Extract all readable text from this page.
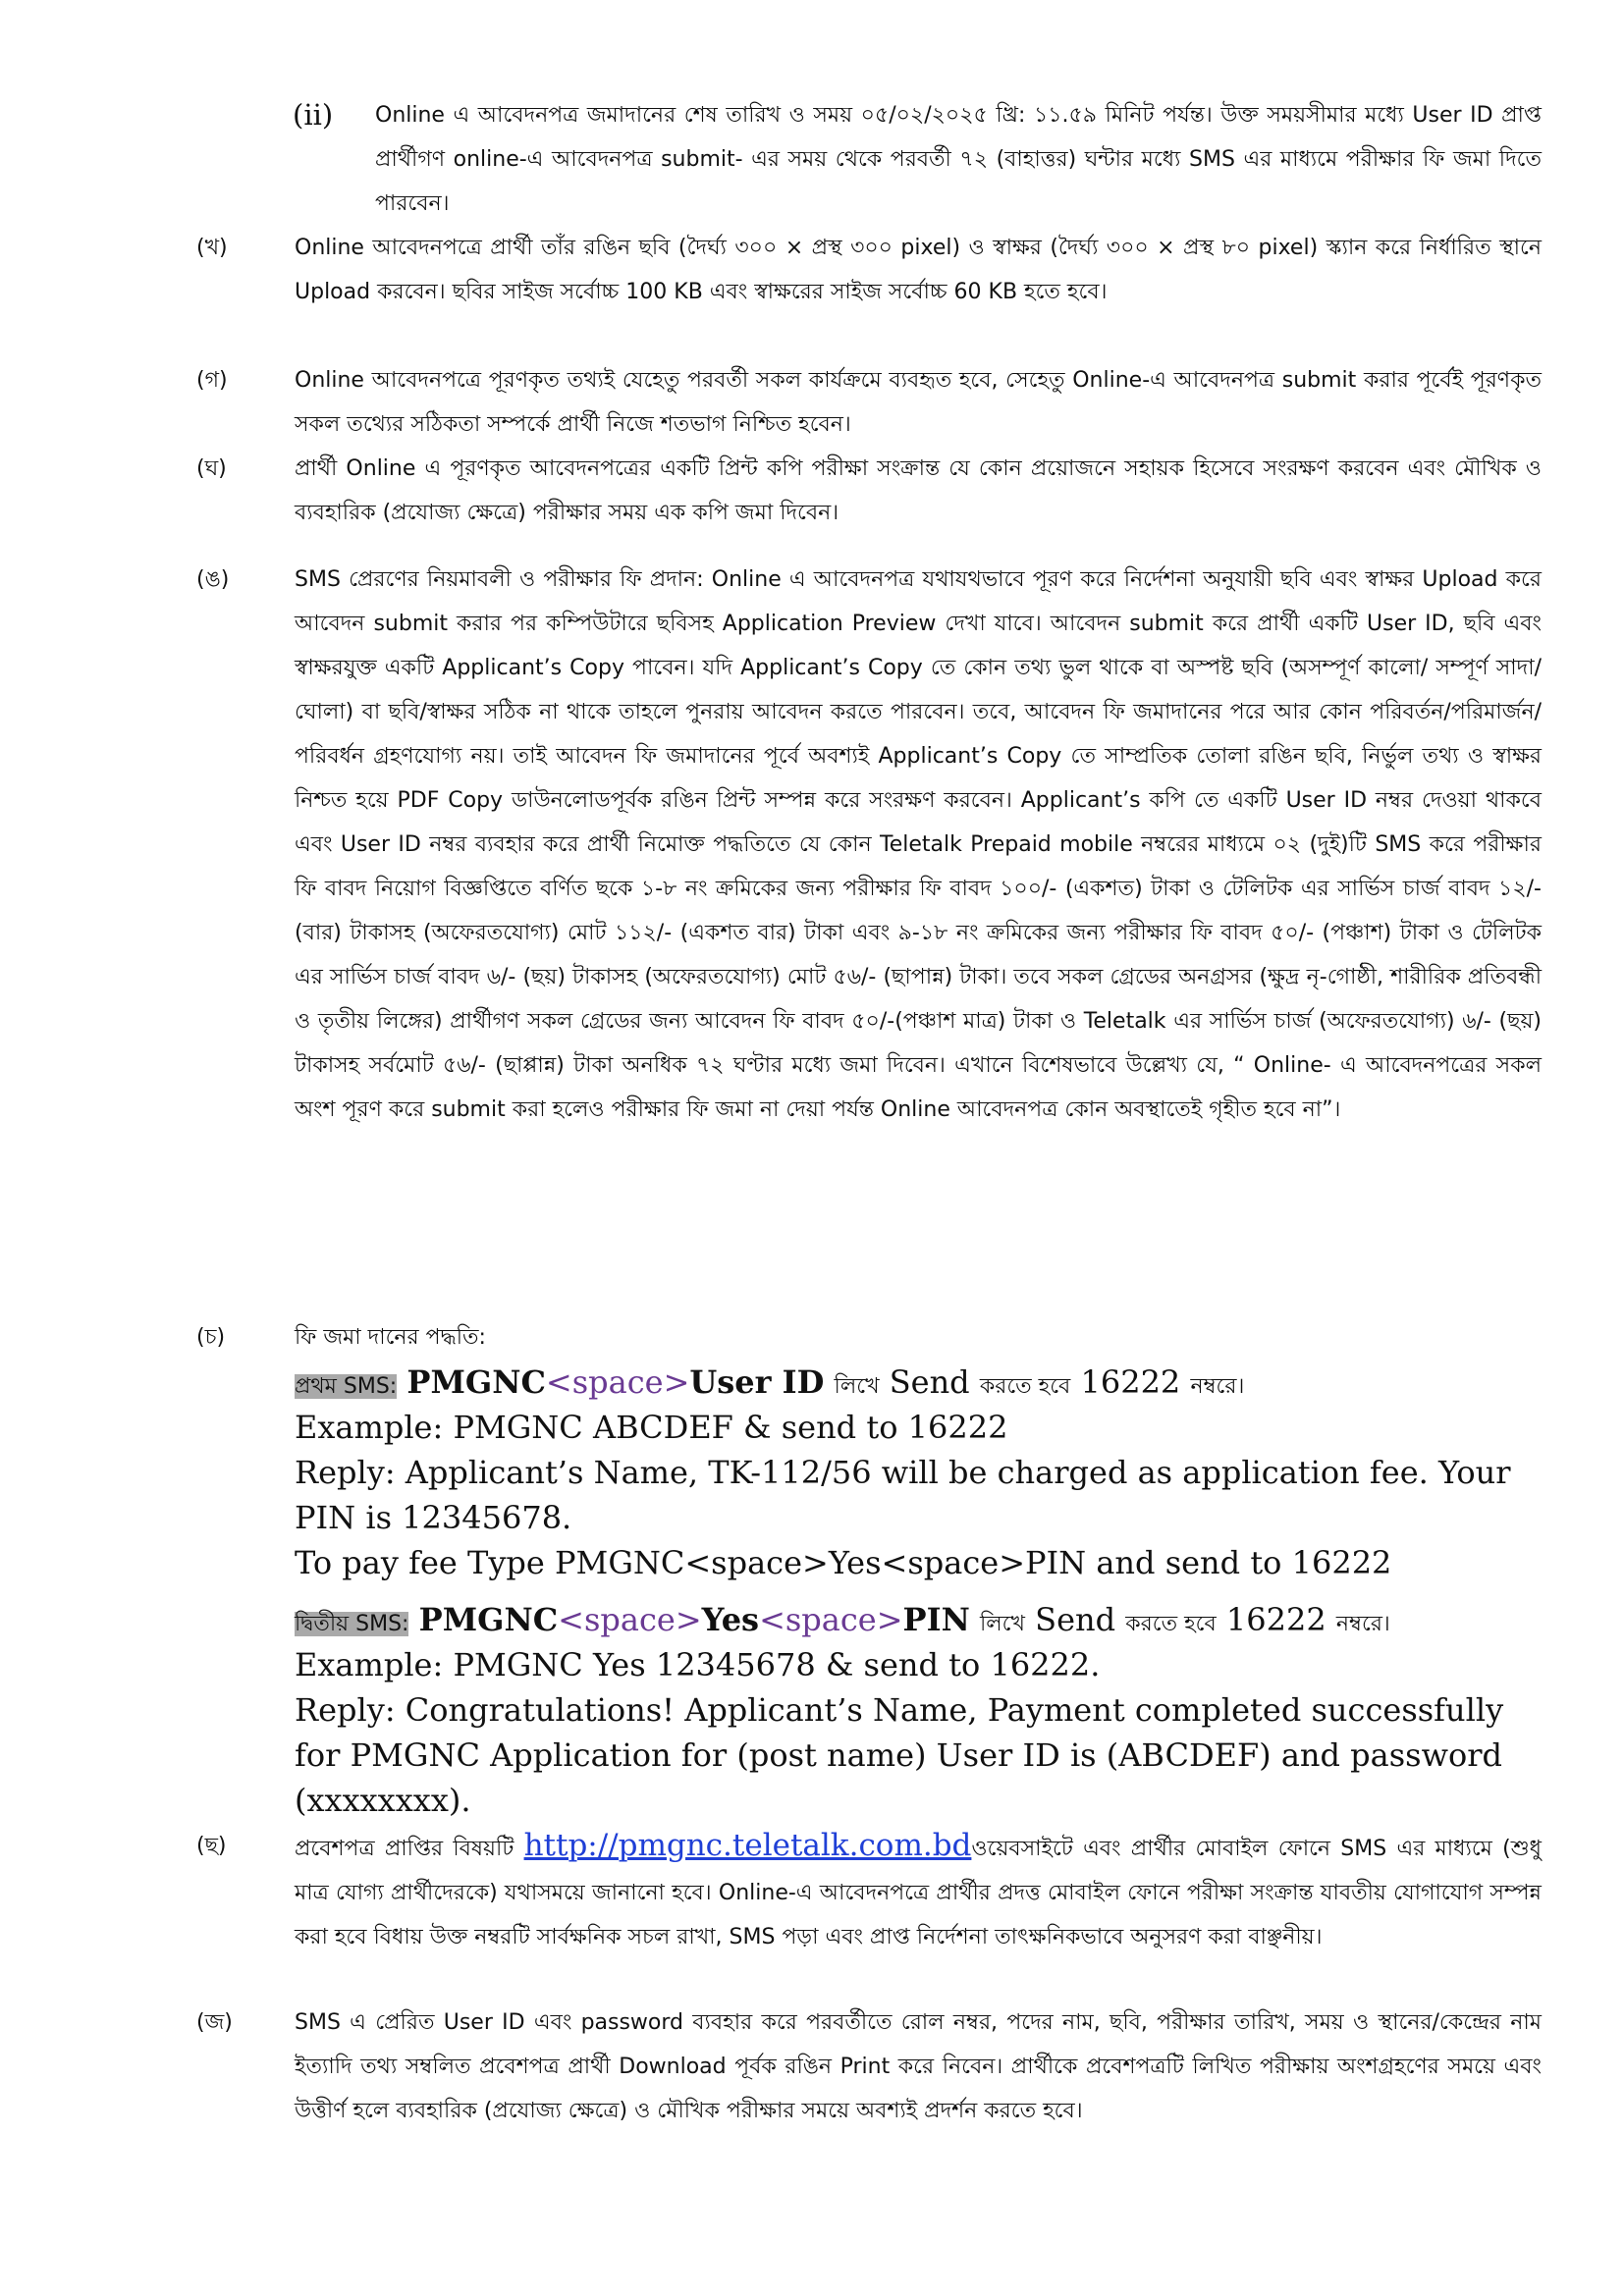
(ii) Online এ আবেদনপত্র জমাদানের শেষ তারিখ ও সময় ০৫/০২/২০২৫ খ্রি: ১১.৫৯ মিনিট পর্যন্ত। উক্ত সময়সীমার মধ্যে User ID প্রাপ্ত প্রার্থীগণ online-এ আবেদনপত্র submit- এর সময় থেকে পরবর্তী ৭২ (বাহাত্তর) ঘন্টার মধ্যে SMS এর মাধ্যমে পরীক্ষার ফি জমা দিতে পারবেন।
(খ)	Online আবেদনপত্রে প্রার্থী তাঁর রঙিন ছবি (দৈর্ঘ্য ৩০০ × প্রস্থ ৩০০ pixel) ও স্বাক্ষর (দৈর্ঘ্য ৩০০ × প্রস্থ ৮০ pixel) স্ক্যান করে নির্ধারিত স্থানে Upload করবেন। ছবির সাইজ সর্বোচ্চ 100 KB এবং স্বাক্ষরের সাইজ সর্বোচ্চ 60 KB হতে হবে।
(গ)	Online আবেদনপত্রে পূরণকৃত তথ্যই যেহেতু পরবর্তী সকল কার্যক্রমে ব্যবহৃত হবে, সেহেতু Online-এ আবেদনপত্র submit করার পূর্বেই পূরণকৃত সকল তথ্যের সঠিকতা সম্পর্কে প্রার্থী নিজে শতভাগ নিশ্চিত হবেন।
(ঘ)	প্রার্থী Online এ পূরণকৃত আবেদনপত্রের একটি প্রিন্ট কপি পরীক্ষা সংক্রান্ত যে কোন প্রয়োজনে সহায়ক হিসেবে সংরক্ষণ করবেন এবং মৌখিক ও ব্যবহারিক (প্রযোজ্য ক্ষেত্রে) পরীক্ষার সময় এক কপি জমা দিবেন।
(ঙ)	SMS প্রেরণের নিয়মাবলী ও পরীক্ষার ফি প্রদান: Online এ আবেদনপত্র যথাযথভাবে পূরণ করে নির্দেশনা অনুযায়ী ছবি এবং স্বাক্ষর Upload করে আবেদন submit করার পর কম্পিউটারে ছবিসহ Application Preview দেখা যাবে। আবেদন submit করে প্রার্থী একটি User ID, ছবি এবং স্বাক্ষরযুক্ত একটি Applicant’s Copy পাবেন। যদি Applicant’s Copy তে কোন তথ্য ভুল থাকে বা অস্পষ্ট ছবি (অসম্পূর্ণ কালো/ সম্পূর্ণ সাদা/ ঘোলা) বা ছবি/স্বাক্ষর সঠিক না থাকে তাহলে পুনরায় আবেদন করতে পারবেন। তবে, আবেদন ফি জমাদানের পরে আর কোন পরিবর্তন/পরিমার্জন/পরিবর্ধন গ্রহণযোগ্য নয়। তাই আবেদন ফি জমাদানের পূর্বে অবশ্যই Applicant’s Copy তে সাম্প্রতিক তোলা রঙিন ছবি, নির্ভুল তথ্য ও স্বাক্ষর নিশ্চত হয়ে PDF Copy ডাউনলোডপূর্বক রঙিন প্রিন্ট সম্পন্ন করে সংরক্ষণ করবেন। Applicant’s কপি তে একটি User ID নম্বর দেওয়া থাকবে এবং User ID নম্বর ব্যবহার করে প্রার্থী নিমোক্ত পদ্ধতিতে যে কোন Teletalk Prepaid mobile নম্বরের মাধ্যমে ০২ (দুই)টি SMS করে পরীক্ষার ফি বাবদ নিয়োগ বিজ্ঞপ্তিতে বর্ণিত ছকে ১-৮ নং ক্রমিকের জন্য পরীক্ষার ফি বাবদ ১০০/- (একশত) টাকা ও টেলিটক এর সার্ভিস চার্জ বাবদ ১২/- (বার) টাকাসহ (অফেরতযোগ্য) মোট ১১২/- (একশত বার) টাকা এবং ৯-১৮ নং ক্রমিকের জন্য পরীক্ষার ফি বাবদ ৫০/- (পঞ্চাশ) টাকা ও টেলিটক এর সার্ভিস চার্জ বাবদ ৬/- (ছয়) টাকাসহ (অফেরতযোগ্য) মোট ৫৬/- (ছাপান্ন) টাকা। তবে সকল গ্রেডের অনগ্রসর (ক্ষুদ্র নৃ-গোষ্ঠী, শারীরিক প্রতিবন্ধী ও তৃতীয় লিঙ্গের) প্রার্থীগণ সকল গ্রেডের জন্য আবেদন ফি বাবদ ৫০/-(পঞ্চাশ মাত্র) টাকা ও Teletalk এর সার্ভিস চার্জ (অফেরতযোগ্য) ৬/- (ছয়) টাকাসহ সর্বমোট ৫৬/- (ছাপ্পান্ন) টাকা অনধিক ৭২ ঘণ্টার মধ্যে জমা দিবেন। এখানে বিশেষভাবে উল্লেখ্য যে, “ Online- এ আবেদনপত্রের সকল অংশ পূরণ করে submit করা হলেও পরীক্ষার ফি জমা না দেয়া পর্যন্ত Online আবেদনপত্র কোন অবস্থাতেই গৃহীত হবে না”।
(চ)	ফি জমা দানের পদ্ধতি:
প্রথম SMS: PMGNC<space>User ID লিখে Send করতে হবে 16222 নম্বরে।
Example: PMGNC ABCDEF & send to 16222
Reply: Applicant’s Name, TK-112/56 will be charged as application fee. Your
PIN is 12345678.
To pay fee Type PMGNC<space>Yes<space>PIN and send to 16222
দ্বিতীয় SMS: PMGNC<space>Yes<space>PIN লিখে Send করতে হবে 16222 নম্বরে।
Example: PMGNC Yes 12345678 & send to 16222.
Reply: Congratulations! Applicant’s Name, Payment completed successfully
for PMGNC Application for (post name) User ID is (ABCDEF) and password
(xxxxxxxx).
(ছ)	প্রবেশপত্র প্রাপ্তির বিষয়টি http://pmgnc.teletalk.com.bdওয়েবসাইটে এবং প্রার্থীর মোবাইল ফোনে SMS এর মাধ্যমে (শুধু মাত্র যোগ্য প্রার্থীদেরকে) যথাসময়ে জানানো হবে। Online-এ আবেদনপত্রে প্রার্থীর প্রদত্ত মোবাইল ফোনে পরীক্ষা সংক্রান্ত যাবতীয় যোগাযোগ সম্পন্ন করা হবে বিধায় উক্ত নম্বরটি সার্বক্ষনিক সচল রাখা, SMS পড়া এবং প্রাপ্ত নির্দেশনা তাৎক্ষনিকভাবে অনুসরণ করা বাঞ্ছনীয়।
(জ)	SMS এ প্রেরিত User ID এবং password ব্যবহার করে পরবর্তীতে রোল নম্বর, পদের নাম, ছবি, পরীক্ষার তারিখ, সময় ও স্থানের/কেন্দ্রের নাম ইত্যাদি তথ্য সম্বলিত প্রবেশপত্র প্রার্থী Download পূর্বক রঙিন Print করে নিবেন। প্রার্থীকে প্রবেশপত্রটি লিখিত পরীক্ষায় অংশগ্রহণের সময়ে এবং উত্তীর্ণ হলে ব্যবহারিক (প্রযোজ্য ক্ষেত্রে) ও মৌখিক পরীক্ষার সময়ে অবশ্যই প্রদর্শন করতে হবে।
